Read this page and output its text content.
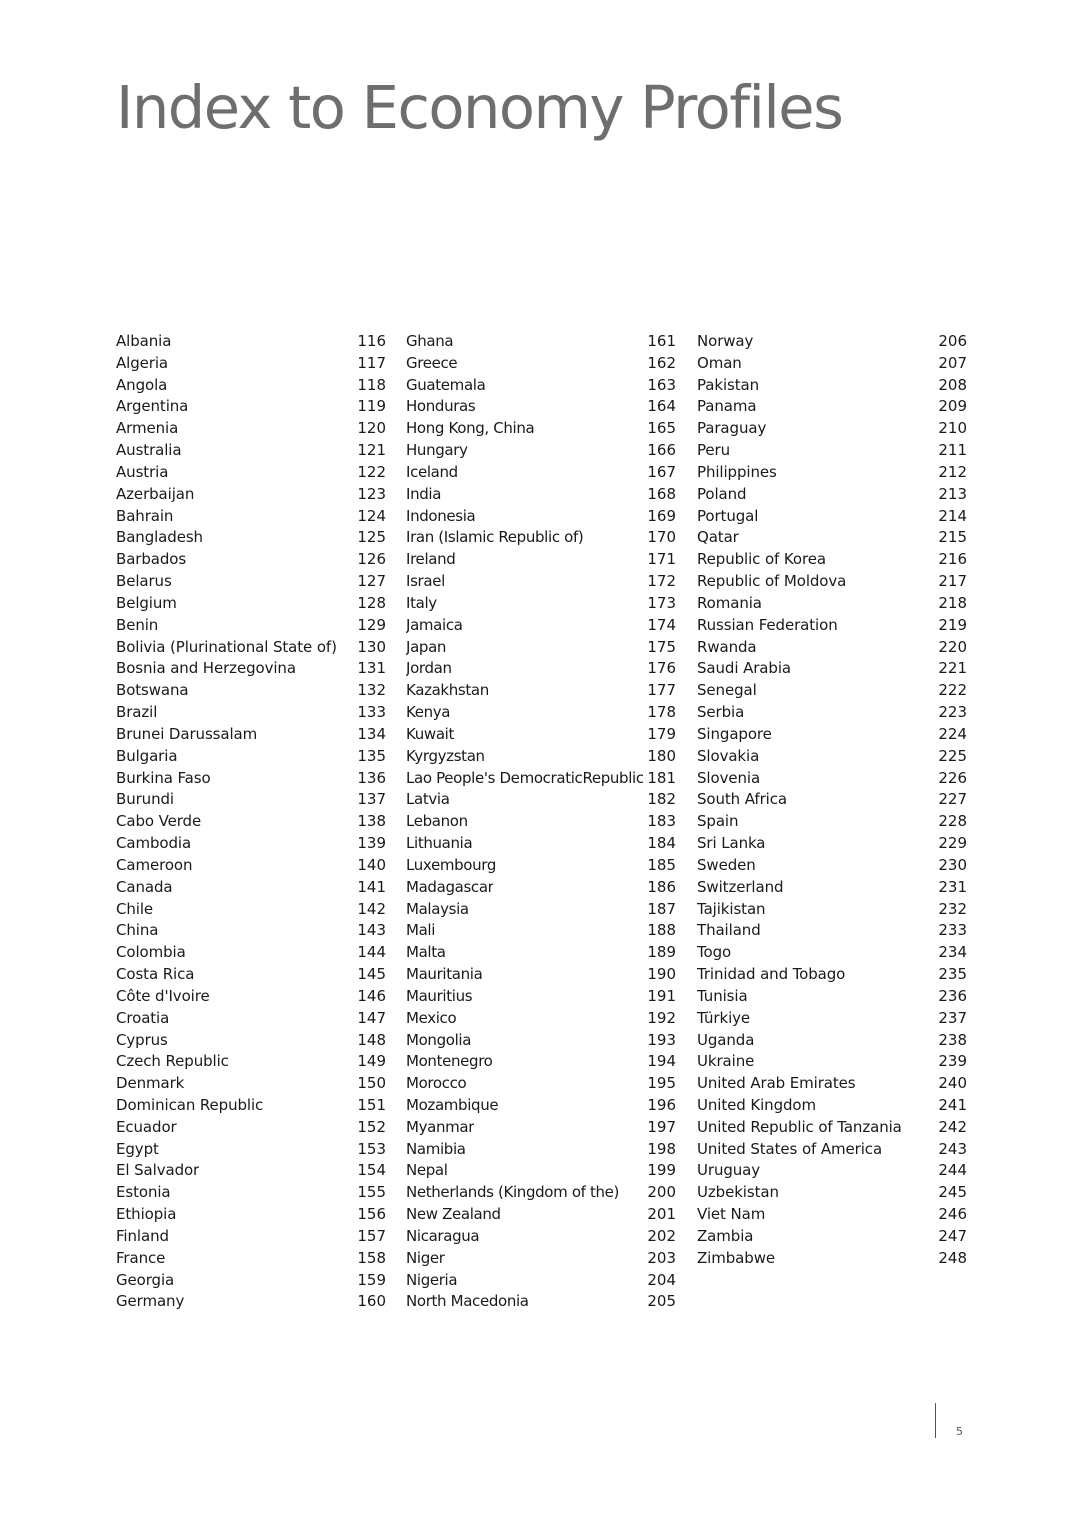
Index to Economy Profiles
Albania	116
Algeria	117
Angola	118
Argentina	119
Armenia	120
Australia	121
Austria	122
Azerbaijan	123
Bahrain	124
Bangladesh	125
Barbados	126
Belarus	127
Belgium	128
Benin	129
Bolivia (Plurinational State of) 130
Bosnia and Herzegovina	131
Botswana	132
Brazil	133
Brunei Darussalam	134
Bulgaria	135
Burkina Faso	136
Burundi	137
Cabo Verde	138
Cambodia	139
Cameroon	140
Canada	141
Chile	142
China	143
Colombia	144
Costa Rica	145
Côte d'Ivoire	146
Croatia	147
Cyprus	148
Czech Republic	149
Denmark	150
Dominican Republic	151
Ecuador	152
Egypt	153
El Salvador	154
Estonia	155
Ethiopia	156
Finland	157
France	158
Georgia	159
Germany	160
Ghana	161
Greece	162
Guatemala	163
Honduras	164
Hong Kong, China	165
Hungary	166
Iceland	167
India	168
Indonesia	169
Iran (Islamic Republic of)	170
Ireland	171
Israel	172
Italy	173
Jamaica	174
Japan	175
Jordan	176
Kazakhstan	177
Kenya	178
Kuwait	179
Kyrgyzstan	180
Lao People's DemocraticRepublic 181
Latvia	182
Lebanon	183
Lithuania	184
Luxembourg	185
Madagascar	186
Malaysia	187
Mali	188
Malta	189
Mauritania	190
Mauritius	191
Mexico	192
Mongolia	193
Montenegro	194
Morocco	195
Mozambique	196
Myanmar	197
Namibia	198
Nepal	199
Netherlands (Kingdom of the) 200
New Zealand	201
Nicaragua	202
Niger	203
Nigeria	204
North Macedonia	205
Norway	206
Oman	207
Pakistan	208
Panama	209
Paraguay	210
Peru	211
Philippines	212
Poland	213
Portugal	214
Qatar	215
Republic of Korea	216
Republic of Moldova	217
Romania	218
Russian Federation	219
Rwanda	220
Saudi Arabia	221
Senegal	222
Serbia	223
Singapore	224
Slovakia	225
Slovenia	226
South Africa	227
Spain	228
Sri Lanka	229
Sweden	230
Switzerland	231
Tajikistan	232
Thailand	233
Togo	234
Trinidad and Tobago	235
Tunisia	236
Türkiye	237
Uganda	238
Ukraine	239
United Arab Emirates	240
United Kingdom	241
United Republic of Tanzania 242
United States of America	243
Uruguay	244
Uzbekistan	245
Viet Nam	246
Zambia	247
Zimbabwe	248
5
